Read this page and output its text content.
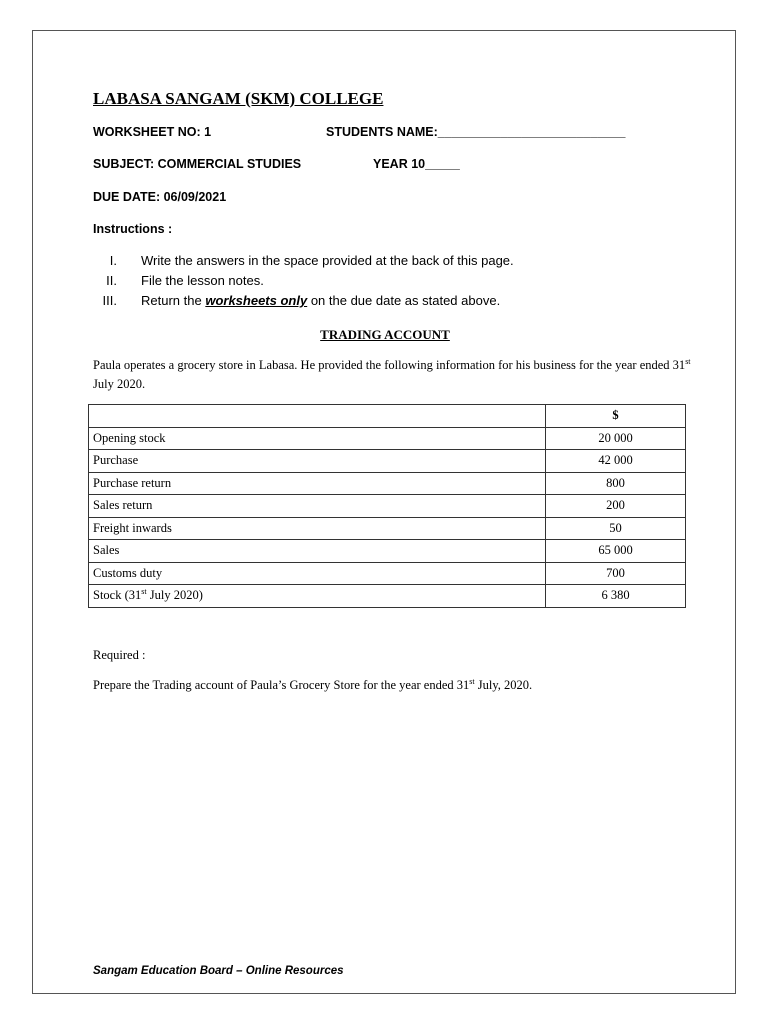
LABASA SANGAM (SKM) COLLEGE
WORKSHEET NO: 1	STUDENTS NAME:___________________________
SUBJECT: COMMERCIAL STUDIES	YEAR 10_____
DUE DATE: 06/09/2021
Instructions :
I. Write the answers in the space provided at the back of this page.
II. File the lesson notes.
III. Return the worksheets only on the due date as stated above.
TRADING ACCOUNT
Paula operates a grocery store in Labasa. He provided the following information for his business for the year ended 31st July 2020.
	$
Opening stock	20 000
Purchase	42 000
Purchase return	800
Sales return	200
Freight inwards	50
Sales	65 000
Customs duty	700
Stock (31st July 2020)	6 380
Required :
Prepare the Trading account of Paula’s Grocery Store for the year ended 31st July, 2020.
Sangam Education Board – Online Resources
